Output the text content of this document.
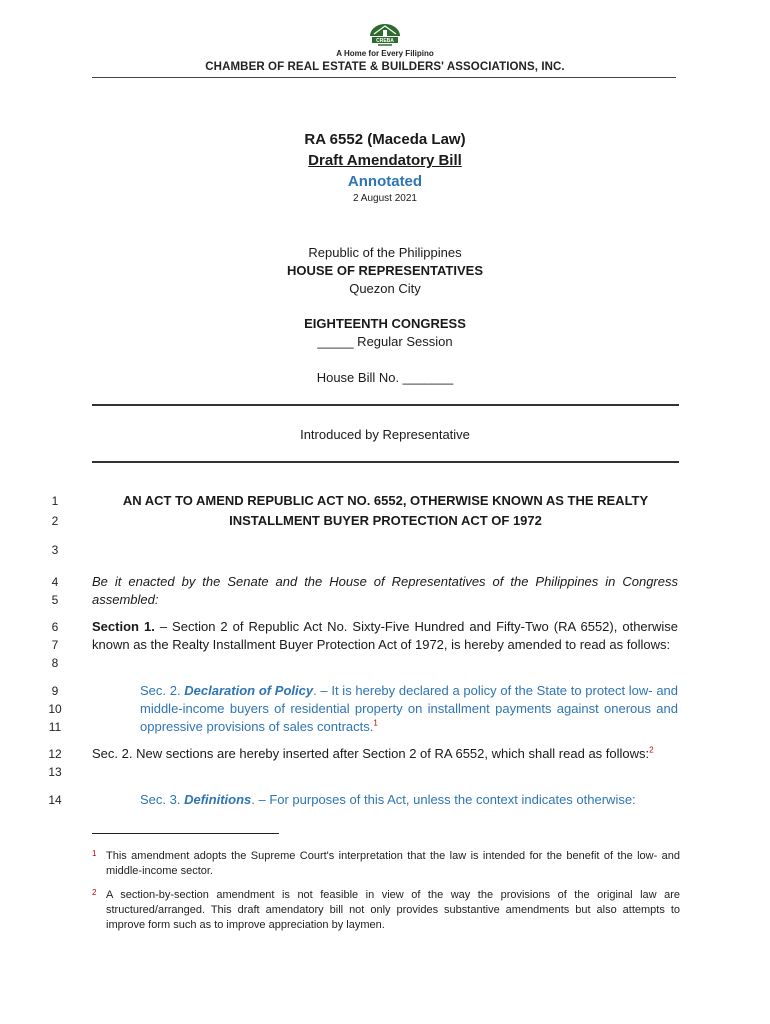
CREBA
A Home for Every Filipino
CHAMBER OF REAL ESTATE & BUILDERS' ASSOCIATIONS, INC.
RA 6552 (Maceda Law)
Draft Amendatory Bill
Annotated
2 August 2021
Republic of the Philippines
HOUSE OF REPRESENTATIVES
Quezon City
EIGHTEENTH CONGRESS
_____ Regular Session
House Bill No. _______
Introduced by Representative
1
2
3
4
5
6
7
8
9
10
11
12
13
14
AN ACT TO AMEND REPUBLIC ACT NO. 6552, OTHERWISE KNOWN AS THE REALTY
INSTALLMENT BUYER PROTECTION ACT OF 1972
Be it enacted by the Senate and the House of Representatives of the Philippines in Congress assembled:
Section 1. – Section 2 of Republic Act No. Sixty-Five Hundred and Fifty-Two (RA 6552), otherwise known as the Realty Installment Buyer Protection Act of 1972, is hereby amended to read as follows:
Sec. 2. Declaration of Policy. – It is hereby declared a policy of the State to protect low- and middle-income buyers of residential property on installment payments against onerous and oppressive provisions of sales contracts.$^1$
Sec. 2. New sections are hereby inserted after Section 2 of RA 6552, which shall read as follows:$^2$
Sec. 3. Definitions. – For purposes of this Act, unless the context indicates otherwise:
1 This amendment adopts the Supreme Court's interpretation that the law is intended for the benefit of the low- and middle-income sector.
2 A section-by-section amendment is not feasible in view of the way the provisions of the original law are structured/arranged. This draft amendatory bill not only provides substantive amendments but also attempts to improve form such as to improve appreciation by laymen.
